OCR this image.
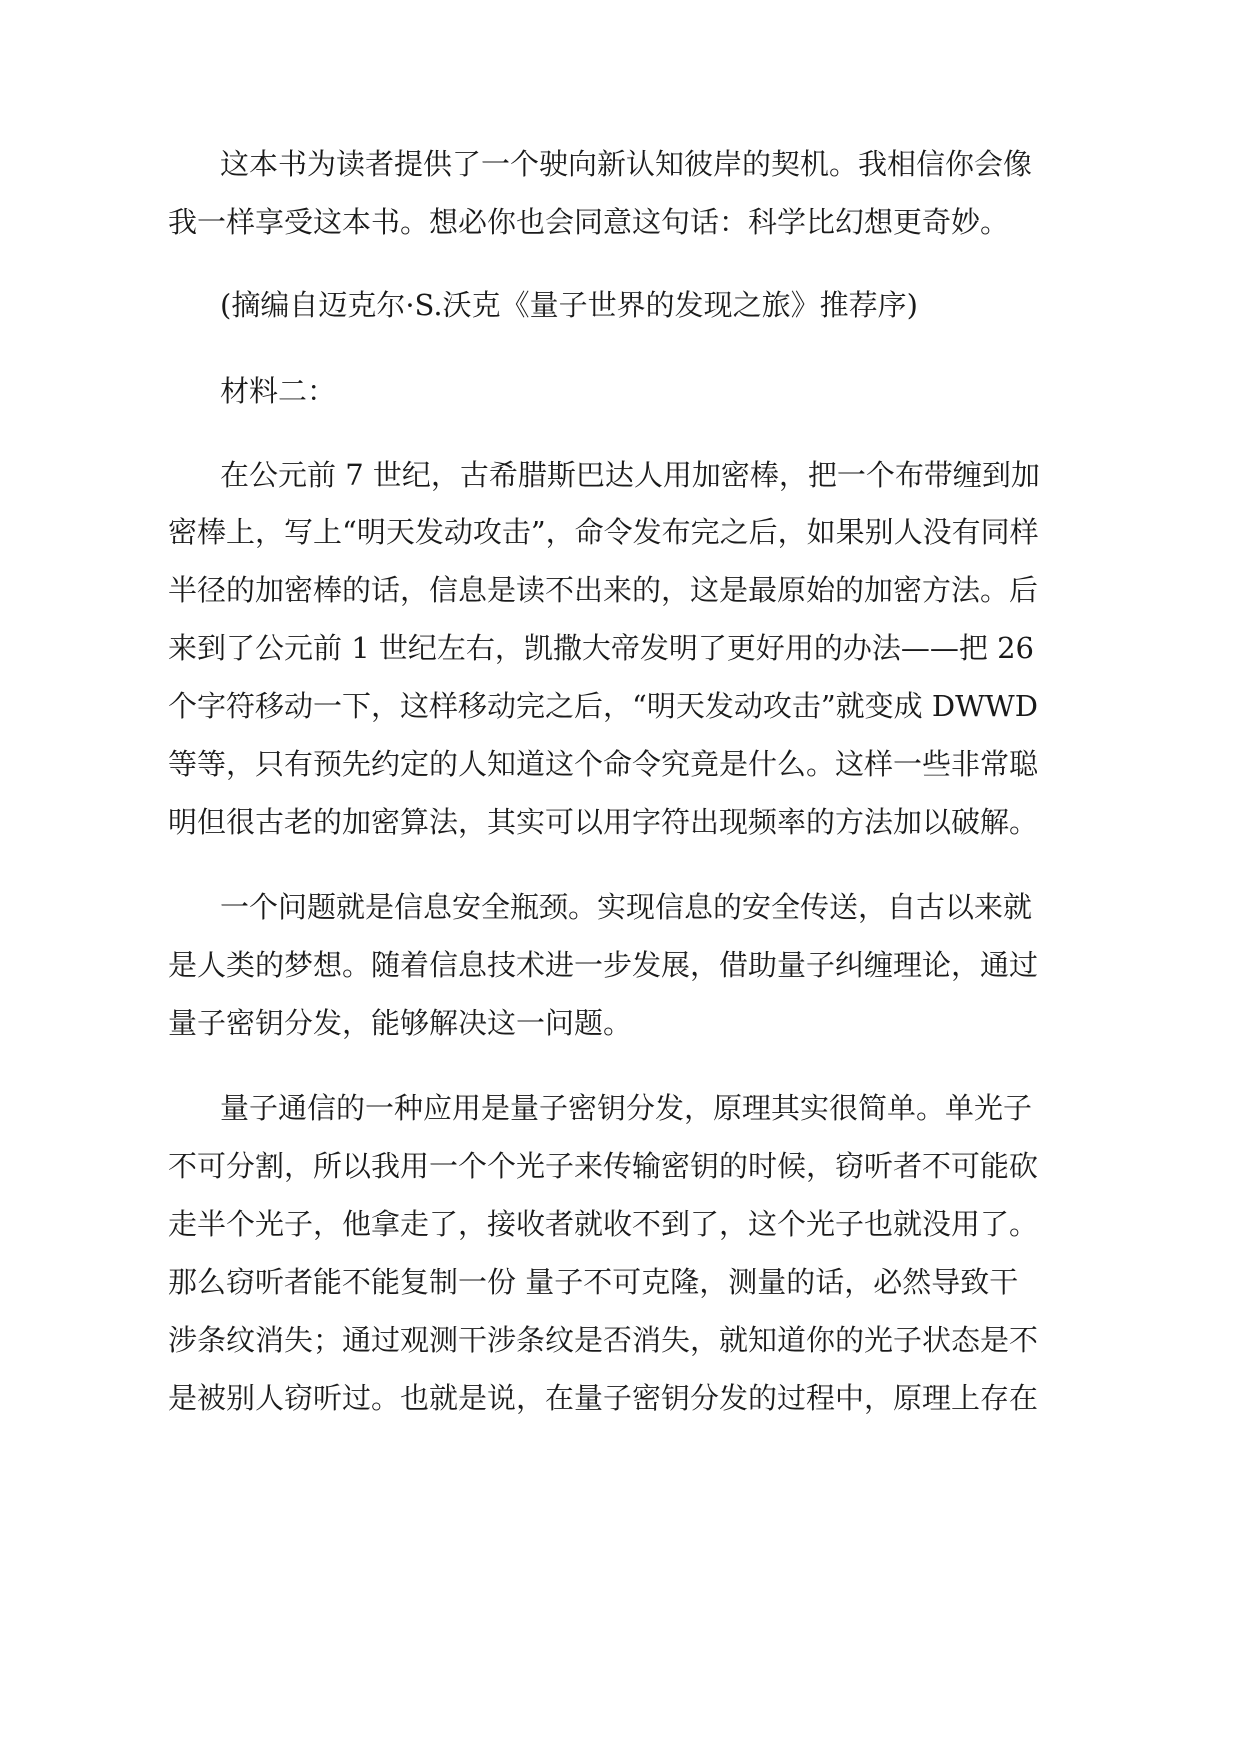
这本书为读者提供了一个驶向新认知彼岸的契机。我相信你会像

我一样享受这本书。想必你也会同意这句话：科学比幻想更奇妙。

(摘编自迈克尔·S.沃克《量子世界的发现之旅》推荐序)

材料二：

在公元前 7 世纪，古希腊斯巴达人用加密棒，把一个布带缠到加

密棒上，写上“明天发动攻击”，命令发布完之后，如果别人没有同样

半径的加密棒的话，信息是读不出来的，这是最原始的加密方法。后

来到了公元前 1 世纪左右，凯撒大帝发明了更好用的办法——把 26

个字符移动一下，这样移动完之后，“明天发动攻击”就变成 DWWD

等等，只有预先约定的人知道这个命令究竟是什么。这样一些非常聪

明但很古老的加密算法，其实可以用字符出现频率的方法加以破解。

一个问题就是信息安全瓶颈。实现信息的安全传送，自古以来就

是人类的梦想。随着信息技术进一步发展，借助量子纠缠理论，通过

量子密钥分发，能够解决这一问题。

量子通信的一种应用是量子密钥分发，原理其实很简单。单光子

不可分割，所以我用一个个光子来传输密钥的时候，窃听者不可能砍

走半个光子，他拿走了，接收者就收不到了，这个光子也就没用了。

那么窃听者能不能复制一份 量子不可克隆，测量的话，必然导致干

涉条纹消失；通过观测干涉条纹是否消失，就知道你的光子状态是不

是被别人窃听过。也就是说，在量子密钥分发的过程中，原理上存在
